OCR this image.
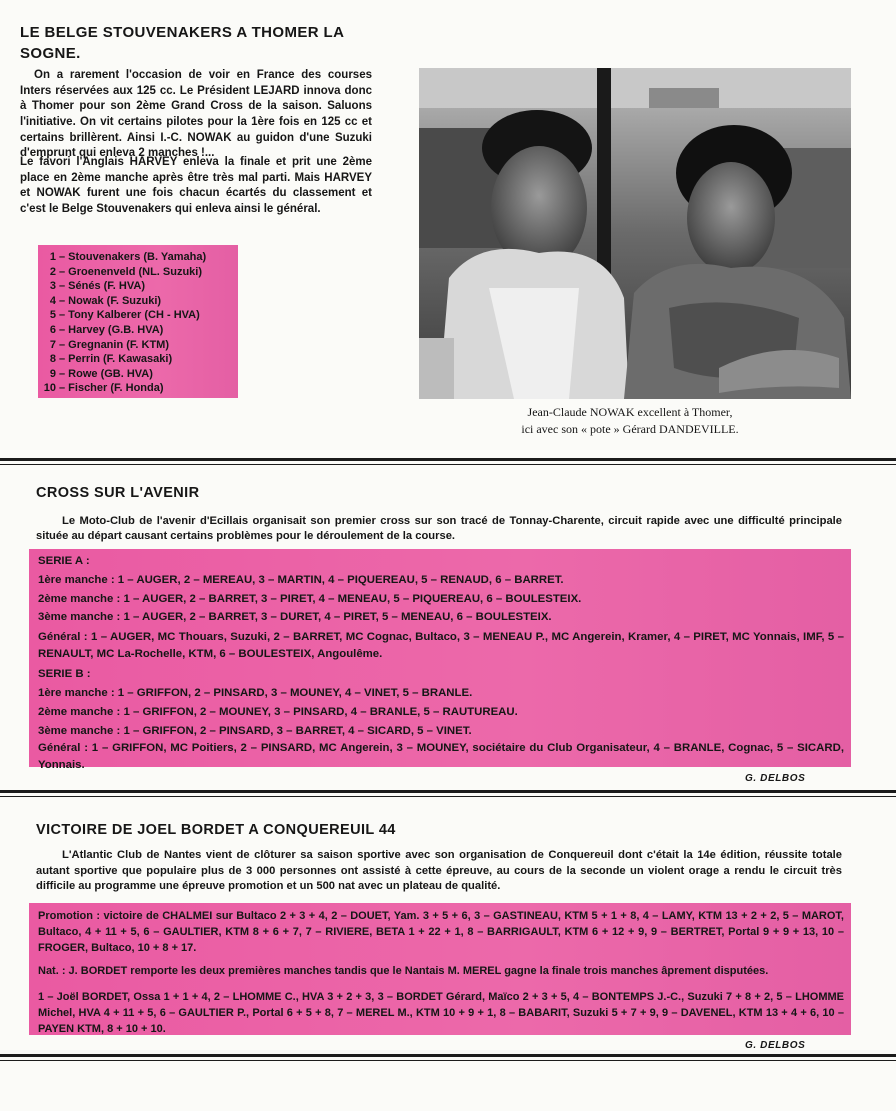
LE BELGE STOUVENAKERS A THOMER LA SOGNE.

On a rarement l'occasion de voir en France des courses Inters réservées aux 125 cc. Le Président LEJARD innova donc à Thomer pour son 2ème Grand Cross de la saison. Saluons l'initiative. On vit certains pilotes pour la 1ère fois en 125 cc et certains brillèrent. Ainsi I.-C. NOWAK au guidon d'une Suzuki d'emprunt qui enleva 2 manches !...

Le favori l'Anglais HARVEY enleva la finale et prit une 2ème place en 2ème manche après être très mal parti. Mais HARVEY et NOWAK furent une fois chacun écartés du classement et c'est le Belge Stouvenakers qui enleva ainsi le général.

1 – Stouvenakers (B. Yamaha)
2 – Groenenveld (NL. Suzuki)
3 – Sénés (F. HVA)
4 – Nowak (F. Suzuki)
5 – Tony Kalberer (CH - HVA)
6 – Harvey (G.B. HVA)
7 – Gregnanin (F. KTM)
8 – Perrin (F. Kawasaki)
9 – Rowe (GB. HVA)
10 – Fischer (F. Honda)
Jean-Claude NOWAK excellent à Thomer,
ici avec son « pote » Gérard DANDEVILLE.
CROSS SUR L'AVENIR

Le Moto-Club de l'avenir d'Ecillais organisait son premier cross sur son tracé de Tonnay-Charente, circuit rapide avec une difficulté principale située au départ causant certains problèmes pour le déroulement de la course.

SERIE A :
1ère manche : 1 – AUGER, 2 – MEREAU, 3 – MARTIN, 4 – PIQUEREAU, 5 – RENAUD, 6 – BARRET.
2ème manche : 1 – AUGER, 2 – BARRET, 3 – PIRET, 4 – MENEAU, 5 – PIQUEREAU, 6 – BOULESTEIX.
3ème manche : 1 – AUGER, 2 – BARRET, 3 – DURET, 4 – PIRET, 5 – MENEAU, 6 – BOULESTEIX.
Général : 1 – AUGER, MC Thouars, Suzuki, 2 – BARRET, MC Cognac, Bultaco, 3 – MENEAU P., MC Angerein, Kramer, 4 – PIRET, MC Yonnais, IMF, 5 – RENAULT, MC La-Rochelle, KTM, 6 – BOULESTEIX, Angoulême.
SERIE B :
1ère manche : 1 – GRIFFON, 2 – PINSARD, 3 – MOUNEY, 4 – VINET, 5 – BRANLE.
2ème manche : 1 – GRIFFON, 2 – MOUNEY, 3 – PINSARD, 4 – BRANLE, 5 – RAUTUREAU.
3ème manche : 1 – GRIFFON, 2 – PINSARD, 3 – BARRET, 4 – SICARD, 5 – VINET.
Général : 1 – GRIFFON, MC Poitiers, 2 – PINSARD, MC Angerein, 3 – MOUNEY, sociétaire du Club Organisateur, 4 – BRANLE, Cognac, 5 – SICARD, Yonnais.
G. DELBOS
VICTOIRE DE JOEL BORDET A CONQUEREUIL 44

L'Atlantic Club de Nantes vient de clôturer sa saison sportive avec son organisation de Conquereuil dont c'était la 14e édition, réussite totale autant sportive que populaire plus de 3 000 personnes ont assisté à cette épreuve, au cours de la seconde un violent orage a rendu le circuit très difficile au programme une épreuve promotion et un 500 nat avec un plateau de qualité.

Promotion : victoire de CHALMEI sur Bultaco 2 + 3 + 4, 2 – DOUET, Yam. 3 + 5 + 6, 3 – GASTINEAU, KTM 5 + 1 + 8, 4 – LAMY, KTM 13 + 2 + 2, 5 – MAROT, Bultaco, 4 + 11 + 5, 6 – GAULTIER, KTM 8 + 6 + 7, 7 – RIVIERE, BETA 1 + 22 + 1, 8 – BARRIGAULT, KTM 6 + 12 + 9, 9 – BERTRET, Portal 9 + 9 + 13, 10 – FROGER, Bultaco, 10 + 8 + 17.

Nat. : J. BORDET remporte les deux premières manches tandis que le Nantais M. MEREL gagne la finale trois manches âprement disputées.

1 – Joël BORDET, Ossa 1 + 1 + 4, 2 – LHOMME C., HVA 3 + 2 + 3, 3 – BORDET Gérard, Maïco 2 + 3 + 5, 4 – BONTEMPS J.-C., Suzuki 7 + 8 + 2, 5 – LHOMME Michel, HVA 4 + 11 + 5, 6 – GAULTIER P., Portal 6 + 5 + 8, 7 – MEREL M., KTM 10 + 9 + 1, 8 – BABARIT, Suzuki 5 + 7 + 9, 9 – DAVENEL, KTM 13 + 4 + 6, 10 – PAYEN KTM, 8 + 10 + 10.

G. DELBOS
